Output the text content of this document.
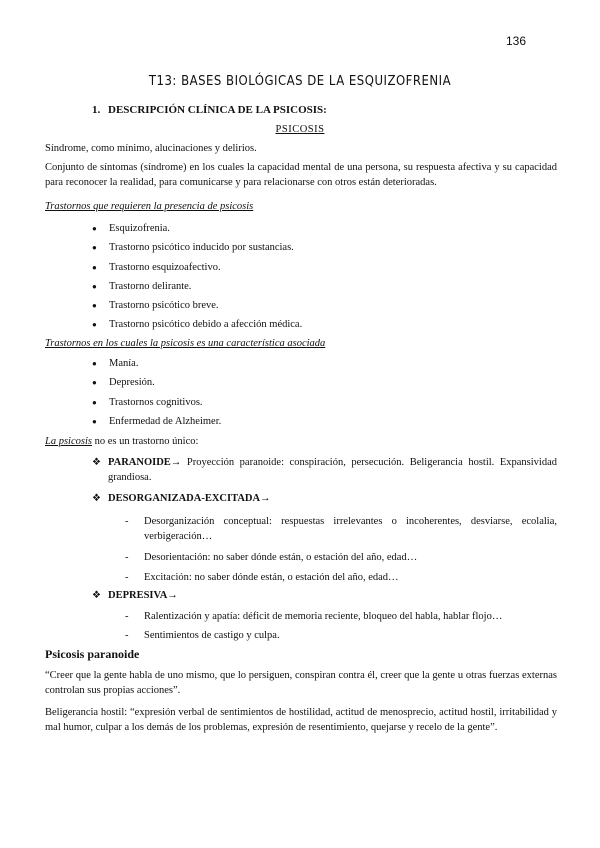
136
T13: BASES BIOLÓGICAS DE LA ESQUIZOFRENIA
1. DESCRIPCIÓN CLÍNICA DE LA PSICOSIS:
PSICOSIS
Síndrome, como mínimo, alucinaciones y delirios.
Conjunto de síntomas (síndrome) en los cuales la capacidad mental de una persona, su respuesta afectiva y su capacidad para reconocer la realidad, para comunicarse y para relacionarse con otros están deterioradas.
Trastornos que requieren la presencia de psicosis
● Esquizofrenia.
● Trastorno psicótico inducido por sustancias.
● Trastorno esquizoafectivo.
● Trastorno delirante.
● Trastorno psicótico breve.
● Trastorno psicótico debido a afección médica.
Trastornos en los cuales la psicosis es una característica asociada
● Manía.
● Depresión.
● Trastornos cognitivos.
● Enfermedad de Alzheimer.
La psicosis no es un trastorno único:
❖ PARANOIDE→ Proyección paranoide: conspiración, persecución. Beligerancia hostil. Expansividad grandiosa.
❖ DESORGANIZADA-EXCITADA→
- Desorganización conceptual: respuestas irrelevantes o incoherentes, desviarse, ecolalia, verbigeración…
- Desorientación: no saber dónde están, o estación del año, edad…
- Excitación: no saber dónde están, o estación del año, edad…
❖ DEPRESIVA→
- Ralentización y apatía: déficit de memoria reciente, bloqueo del habla, hablar flojo…
- Sentimientos de castigo y culpa.
Psicosis paranoide
“Creer que la gente habla de uno mismo, que lo persiguen, conspiran contra él, creer que la gente u otras fuerzas externas controlan sus propias acciones”.
Beligerancia hostil: “expresión verbal de sentimientos de hostilidad, actitud de menosprecio, actitud hostil, irritabilidad y mal humor, culpar a los demás de los problemas, expresión de resentimiento, quejarse y recelo de la gente”.
